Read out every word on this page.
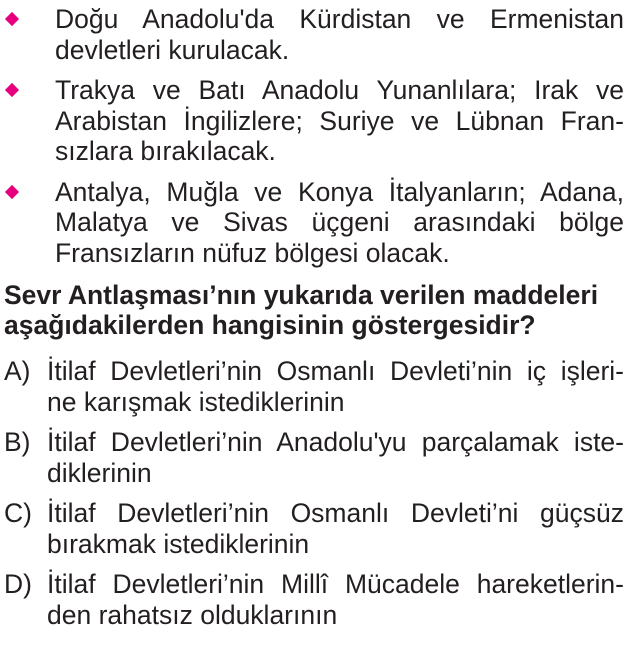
Doğu Anadolu'da Kürdistan ve Ermenistan
devletleri kurulacak.
Trakya ve Batı Anadolu Yunanlılara; Irak ve
Arabistan İngilizlere; Suriye ve Lübnan Fran-
sızlara bırakılacak.
Antalya, Muğla ve Konya İtalyanların; Adana,
Malatya ve Sivas üçgeni arasındaki bölge
Fransızların nüfuz bölgesi olacak.
Sevr Antlaşması’nın yukarıda verilen maddeleri
aşağıdakilerden hangisinin göstergesidir?
A) İtilaf Devletleri’nin Osmanlı Devleti’nin iç işleri-
ne karışmak istediklerinin
B) İtilaf Devletleri’nin Anadolu'yu parçalamak iste-
diklerinin
C) İtilaf Devletleri’nin Osmanlı Devleti’ni güçsüz
bırakmak istediklerinin
D) İtilaf Devletleri’nin Millî Mücadele hareketlerin-
den rahatsız olduklarının
